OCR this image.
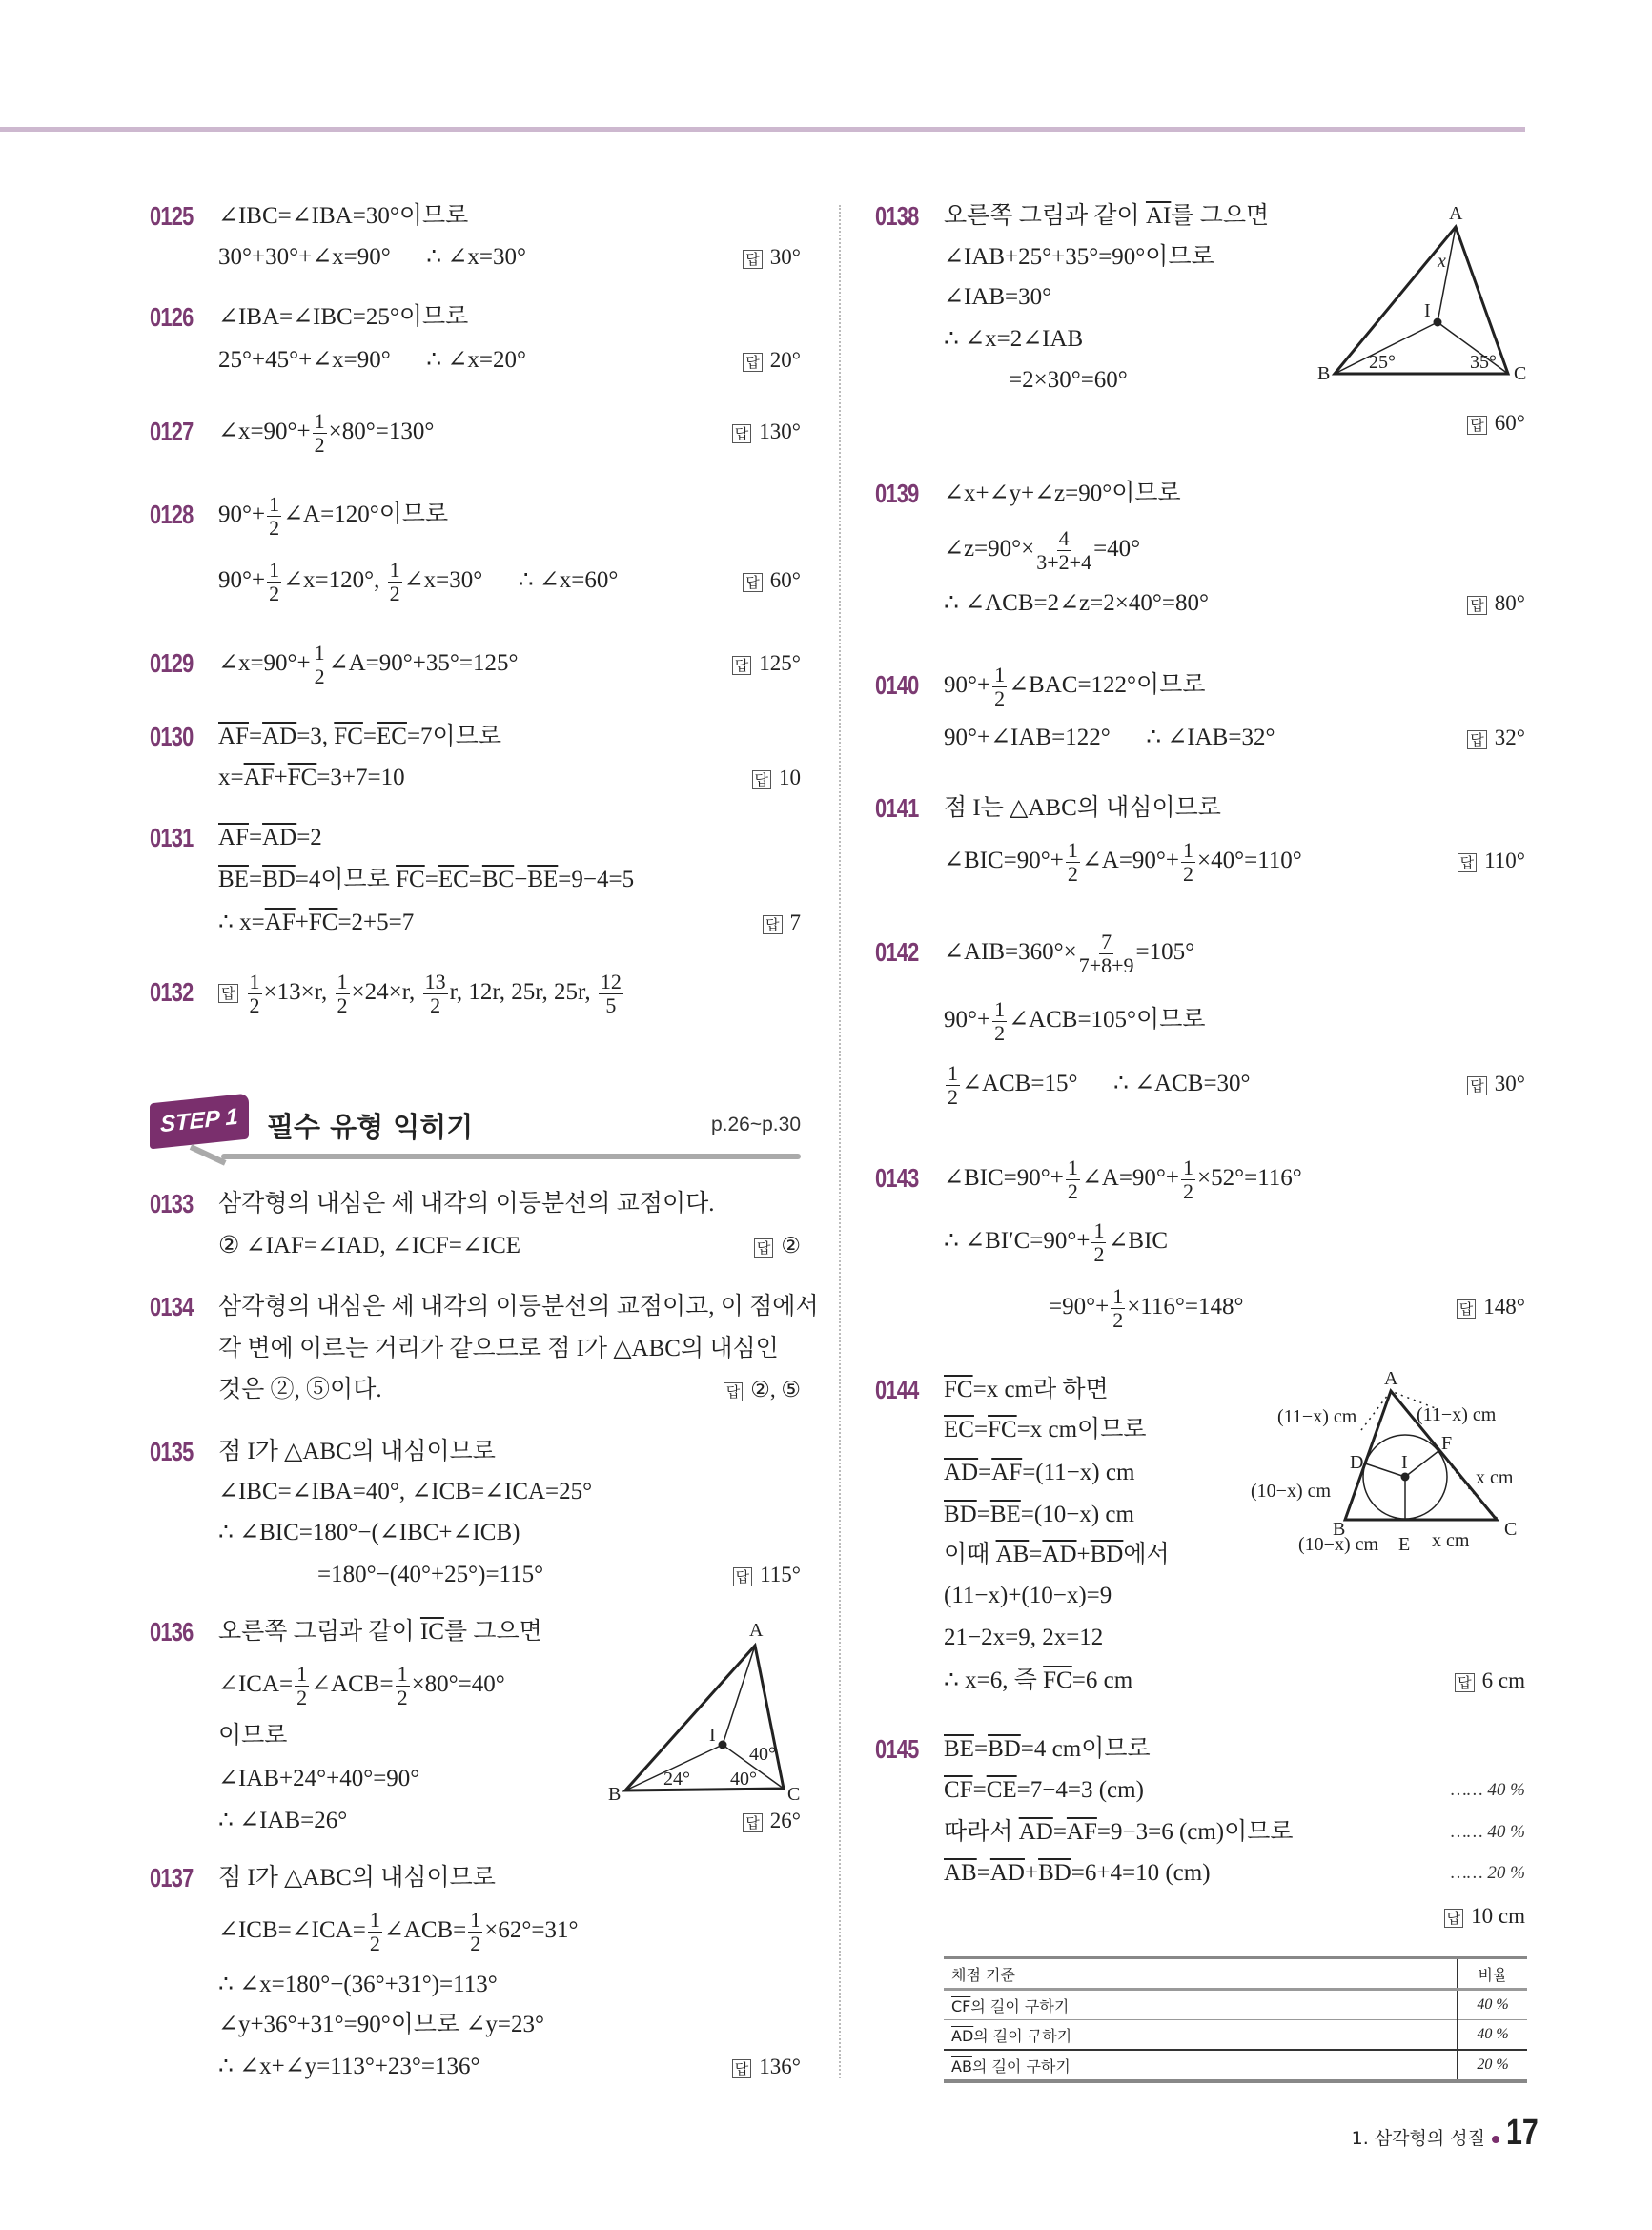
0125 ∠IBC=∠IBA=30°이므로
30°+30°+∠x=90°      ∴ ∠x=30°	답 30°
0126 ∠IBA=∠IBC=25°이므로
25°+45°+∠x=90°      ∴ ∠x=20°	답 20°
0127 ∠x=90°+ $\frac{1}{2} \times 80^\circ=130^\circ$	답 130°
0128 $90^\circ+ \frac{1}{2}$ ∠A=120°이므로
$90^\circ+ \frac{1}{2}$ ∠x=120°, $\frac{1}{2}$ ∠x=30°      ∴ ∠x=60°	답 60°
0129 ∠x=90°+ $\frac{1}{2}$ ∠A=90°+35°=125°	답 125°
0130 $\overline{AF}=\overline{AD}=3$, $\overline{FC}=\overline{EC}=7$이므로
$x=\overline{AF}+\overline{FC}=3+7=10$	답 10
0131 $\overline{AF}=\overline{AD}=2$
$\overline{BE}=\overline{BD}=4$이므로 $\overline{FC}=\overline{EC}=\overline{BC}-\overline{BE}=9-4=5$
∴ $x=\overline{AF}+\overline{FC}=2+5=7$	답 7
0132 답 $\frac{1}{2} \times 13\times r$, $\frac{1}{2} \times 24\times r$, $\frac{13}{2} r$, 12r, 25r, 25r, $\frac{12}{5}$
STEP 1	필수 유형 익히기	p.26~p.30
0133 삼각형의 내심은 세 내각의 이등분선의 교점이다.
② ∠IAF=∠IAD, ∠ICF=∠ICE	답 ②
0134 삼각형의 내심은 세 내각의 이등분선의 교점이고, 이 점에서
각 변에 이르는 거리가 같으므로 점 I가 △ABC의 내심인
것은 ②, ⑤이다.	답 ②, ⑤
0135 점 I가 △ABC의 내심이므로
∠IBC=∠IBA=40°, ∠ICB=∠ICA=25°
∴ ∠BIC=180°−(∠IBC+∠ICB)
=180°−(40°+25°)=115°	답 115°
0136 오른쪽 그림과 같이 $\overline{IC}$를 그으면
∠ICA= $\frac{1}{2}$ ∠ACB= $\frac{1}{2} \times 80^\circ=40^\circ$
이므로
∠IAB+24°+40°=90°
∴ ∠IAB=26°	답 26°
0137 점 I가 △ABC의 내심이므로
∠ICB=∠ICA= $\frac{1}{2}$ ∠ACB= $\frac{1}{2} \times 62^\circ=31^\circ$
∴ ∠x=180°−(36°+31°)=113°
∠y+36°+31°=90°이므로 ∠y=23°
∴ ∠x+∠y=113°+23°=136°	답 136°
0138 오른쪽 그림과 같이 $\overline{AI}$를 그으면
∠IAB+25°+35°=90°이므로
∠IAB=30°
∴ ∠x=2∠IAB
=2×30°=60°
답 60°
0139 ∠x+∠y+∠z=90°이므로
∠z=90°× $\frac{4}{3+2+4} =40^\circ$
∴ ∠ACB=2∠z=2×40°=80°	답 80°
0140 $90^\circ+ \frac{1}{2}$ ∠BAC=122°이므로
90°+∠IAB=122°      ∴ ∠IAB=32°	답 32°
0141 점 I는 △ABC의 내심이므로
∠BIC=90°+ $\frac{1}{2}$ ∠A=90°+ $\frac{1}{2} \times 40^\circ=110^\circ$	답 110°
0142 ∠AIB=360°× $\frac{7}{7+8+9} =105^\circ$
$90^\circ+ \frac{1}{2}$ ∠ACB=105°이므로
$\frac{1}{2}$ ∠ACB=15°      ∴ ∠ACB=30°	답 30°
0143 ∠BIC=90°+ $\frac{1}{2}$ ∠A=90°+ $\frac{1}{2} \times 52^\circ=116^\circ$
∴ ∠BI′C=90°+ $\frac{1}{2}$ ∠BIC
$=90^\circ+ \frac{1}{2} \times 116^\circ=148^\circ$	답 148°
0144 $\overline{FC}=x$ cm라 하면
$\overline{EC}=\overline{FC}=x$ cm이므로
$\overline{AD}=\overline{AF}=(11-x)$ cm
$\overline{BD}=\overline{BE}=(10-x)$ cm
이때 $\overline{AB}=\overline{AD}+\overline{BD}$에서
(11−x)+(10−x)=9
21−2x=9, 2x=12
∴ x=6, 즉 $\overline{FC}=6$ cm	답 6 cm
0145 $\overline{BE}=\overline{BD}=4$ cm이므로
$\overline{CF}=\overline{CE}=7-4=3$ (cm)	…… 40 %
따라서 $\overline{AD}=\overline{AF}=9-3=6$ (cm)이므로	…… 40 %
$\overline{AB}=\overline{AD}+\overline{BD}=6+4=10$ (cm)	…… 20 %
답 10 cm
채점 기준	비율
$\overline{CF}$의 길이 구하기	40 %
$\overline{AD}$의 길이 구하기	40 %
$\overline{AB}$의 길이 구하기	20 %
1. 삼각형의 성질 17
A
B	C
I
24° 40°
40°
A
B	C
I
x
25°	35°
A
B	C
D
E
F
I
(11−x) cm	(11−x) cm
x cm
(10−x) cm
(10−x) cm	x cm
